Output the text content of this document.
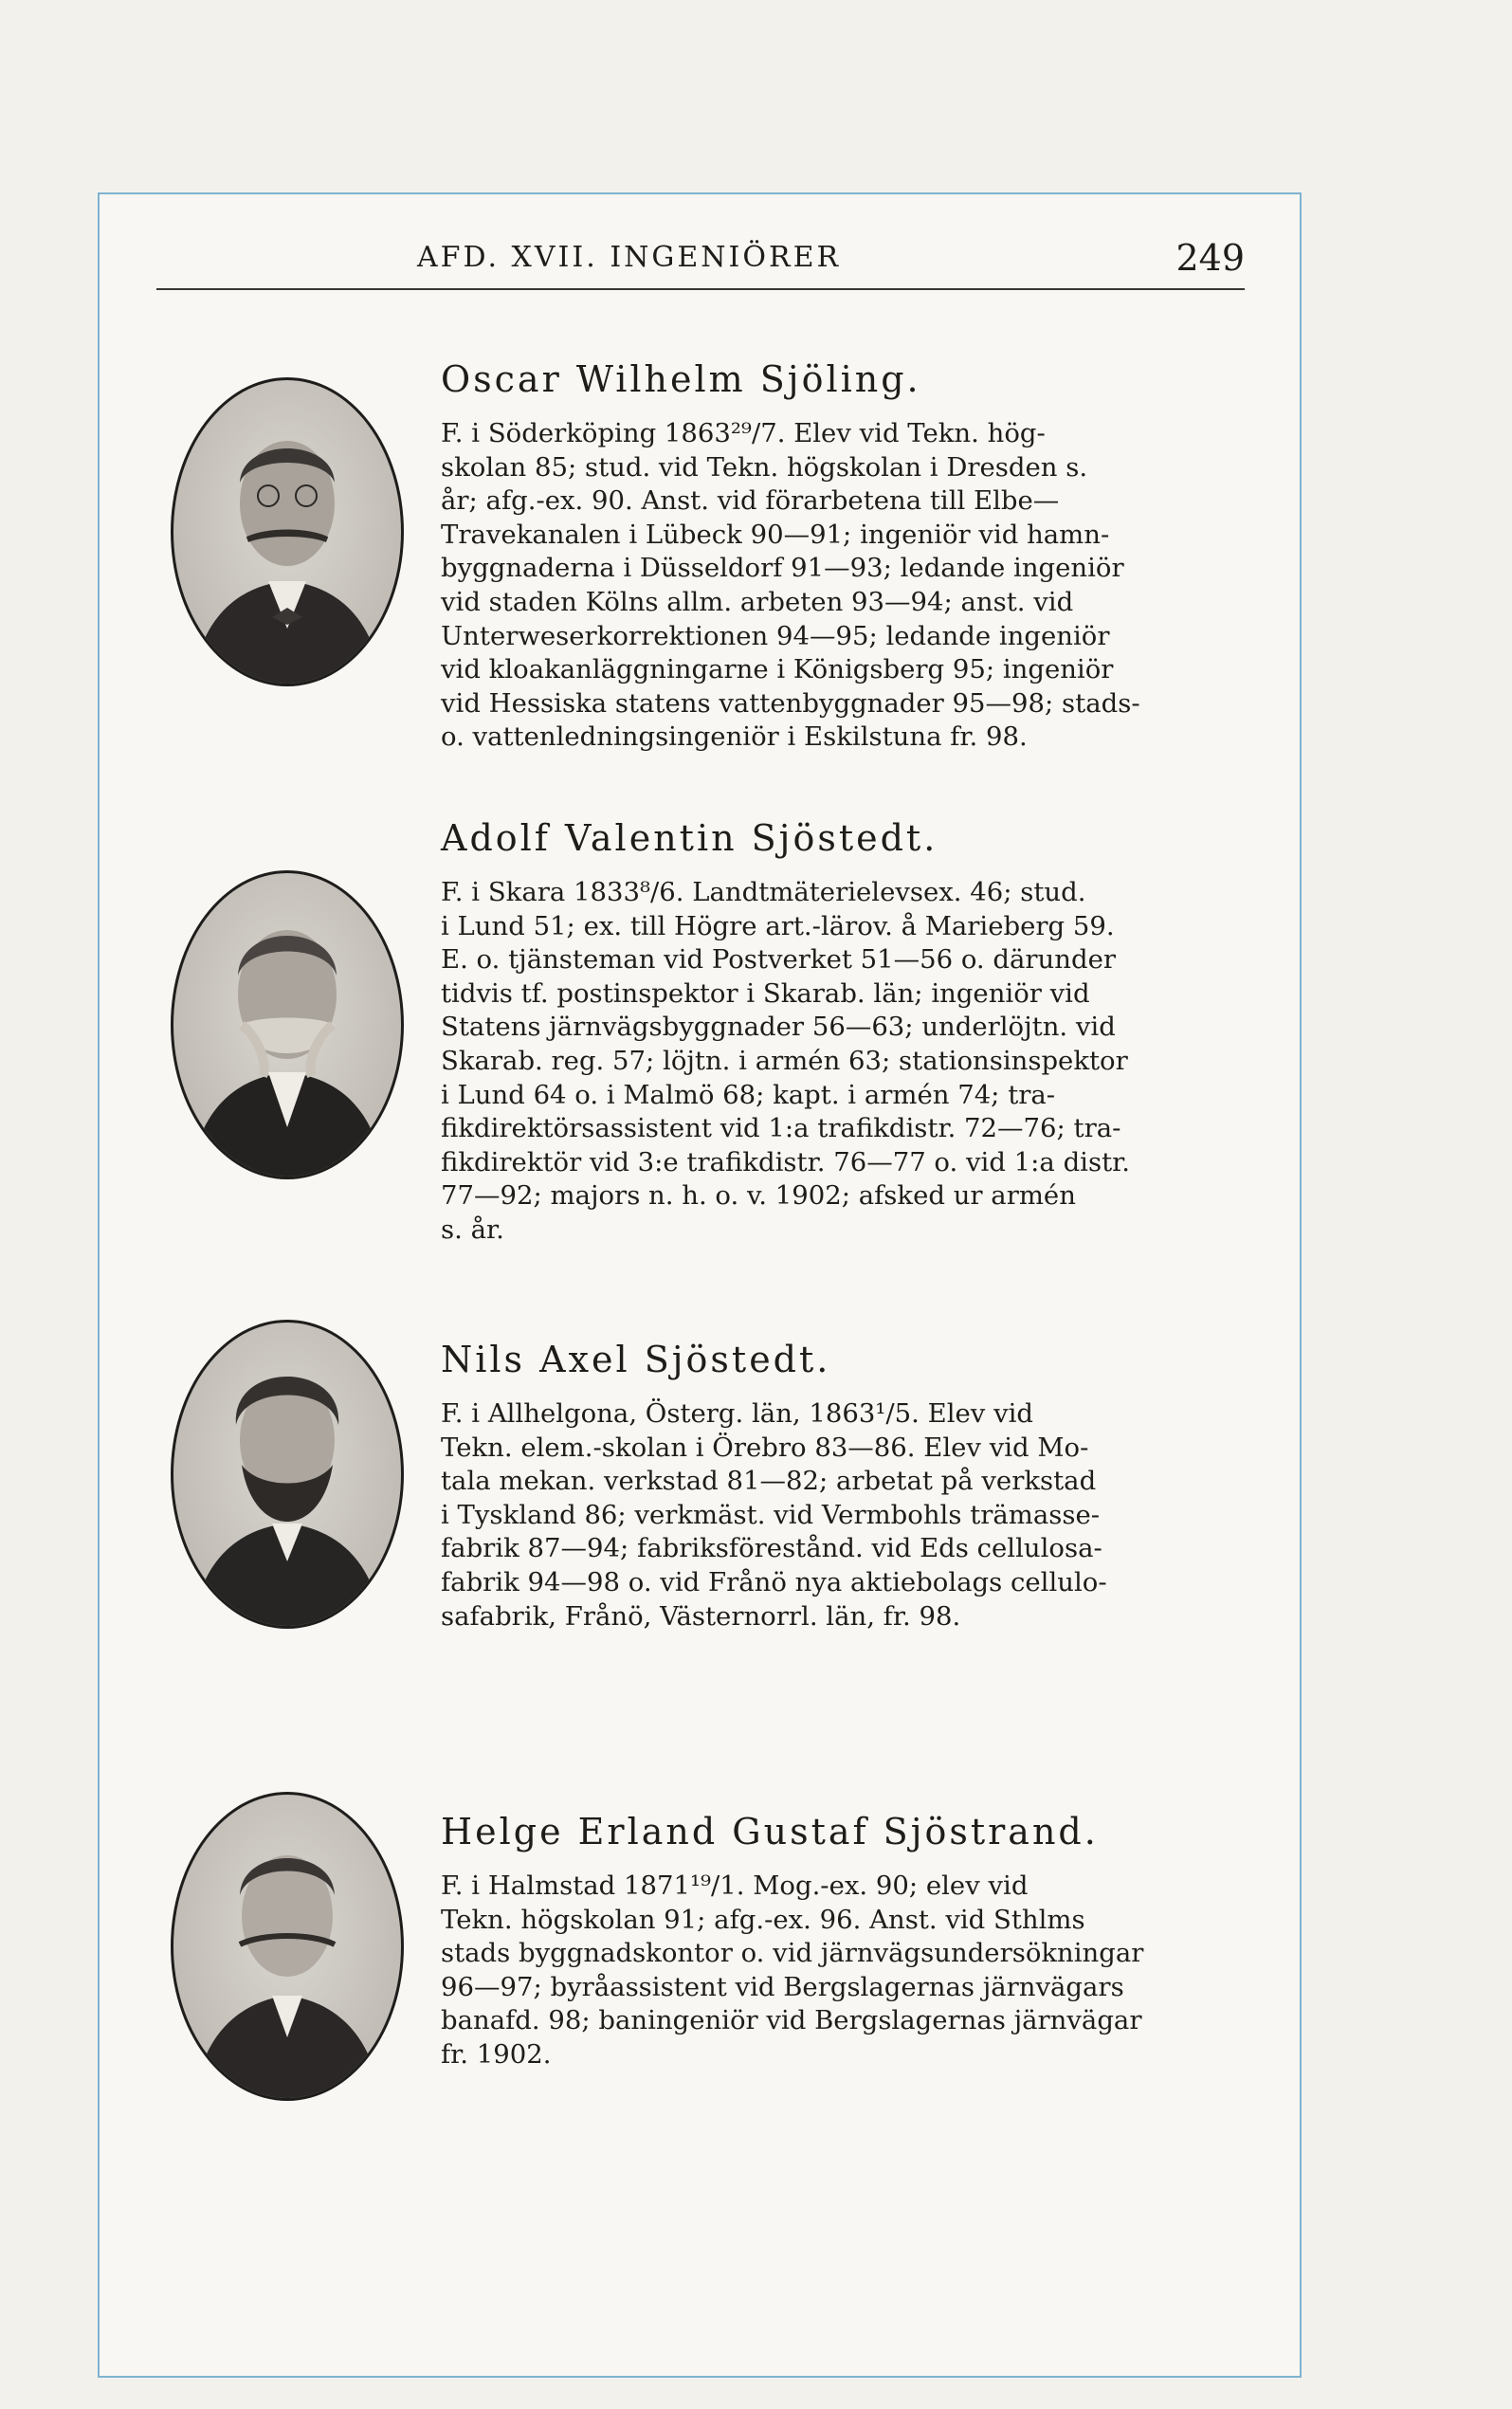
AFD. XVII. INGENIÖRER	249
Oscar Wilhelm Sjöling.
F. i Söderköping 1863²⁹/7. Elev vid Tekn. hög-
skolan 85; stud. vid Tekn. högskolan i Dresden s.
år; afg.-ex. 90. Anst. vid förarbetena till Elbe—
Travekanalen i Lübeck 90—91; ingeniör vid hamn-
byggnaderna i Düsseldorf 91—93; ledande ingeniör
vid staden Kölns allm. arbeten 93—94; anst. vid
Unterweserkorrektionen 94—95; ledande ingeniör
vid kloakanläggningarne i Königsberg 95; ingeniör
vid Hessiska statens vattenbyggnader 95—98; stads-
o. vattenledningsingeniör i Eskilstuna fr. 98.
Adolf Valentin Sjöstedt.
F. i Skara 1833⁸/6. Landtmäterielevsex. 46; stud.
i Lund 51; ex. till Högre art.-lärov. å Marieberg 59.
E. o. tjänsteman vid Postverket 51—56 o. därunder
tidvis tf. postinspektor i Skarab. län; ingeniör vid
Statens järnvägsbyggnader 56—63; underlöjtn. vid
Skarab. reg. 57; löjtn. i armén 63; stationsinspektor
i Lund 64 o. i Malmö 68; kapt. i armén 74; tra-
fikdirektörsassistent vid 1:a trafikdistr. 72—76; tra-
fikdirektör vid 3:e trafikdistr. 76—77 o. vid 1:a distr.
77—92; majors n. h. o. v. 1902; afsked ur armén
s. år.
Nils Axel Sjöstedt.
F. i Allhelgona, Österg. län, 1863¹/5. Elev vid
Tekn. elem.-skolan i Örebro 83—86. Elev vid Mo-
tala mekan. verkstad 81—82; arbetat på verkstad
i Tyskland 86; verkmäst. vid Vermbohls trämasse-
fabrik 87—94; fabriksförestånd. vid Eds cellulosa-
fabrik 94—98 o. vid Frånö nya aktiebolags cellulo-
safabrik, Frånö, Västernorrl. län, fr. 98.
Helge Erland Gustaf Sjöstrand.
F. i Halmstad 1871¹⁹/1. Mog.-ex. 90; elev vid
Tekn. högskolan 91; afg.-ex. 96. Anst. vid Sthlms
stads byggnadskontor o. vid järnvägsundersökningar
96—97; byråassistent vid Bergslagernas järnvägars
banafd. 98; baningeniör vid Bergslagernas järnvägar
fr. 1902.
